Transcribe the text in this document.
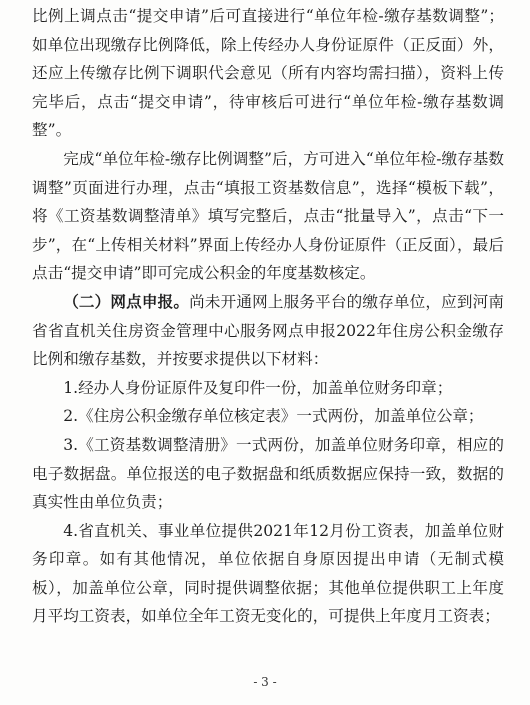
比例上调点击“提交申请”后可直接进行“单位年检-缴存基数调整”；如单位出现缴存比例降低，除上传经办人身份证原件（正反面）外，还应上传缴存比例下调职代会意见（所有内容均需扫描），资料上传完毕后，点击“提交申请”，待审核后可进行“单位年检-缴存基数调整”。

完成“单位年检-缴存比例调整”后，方可进入“单位年检-缴存基数调整”页面进行办理，点击“填报工资基数信息”，选择“模板下载”，将《工资基数调整清单》填写完整后，点击“批量导入”，点击“下一步”，在“上传相关材料”界面上传经办人身份证原件（正反面），最后点击“提交申请”即可完成公积金的年度基数核定。

（二）网点申报。尚未开通网上服务平台的缴存单位，应到河南省省直机关住房资金管理中心服务网点申报2022年住房公积金缴存比例和缴存基数，并按要求提供以下材料：

1.经办人身份证原件及复印件一份，加盖单位财务印章；

2.《住房公积金缴存单位核定表》一式两份，加盖单位公章；

3.《工资基数调整清册》一式两份，加盖单位财务印章，相应的电子数据盘。单位报送的电子数据盘和纸质数据应保持一致，数据的真实性由单位负责；

4.省直机关、事业单位提供2021年12月份工资表，加盖单位财务印章。如有其他情况，单位依据自身原因提出申请（无制式模板），加盖单位公章，同时提供调整依据；其他单位提供职工上年度月平均工资表，如单位全年工资无变化的，可提供上年度月工资表；

- 3 -
